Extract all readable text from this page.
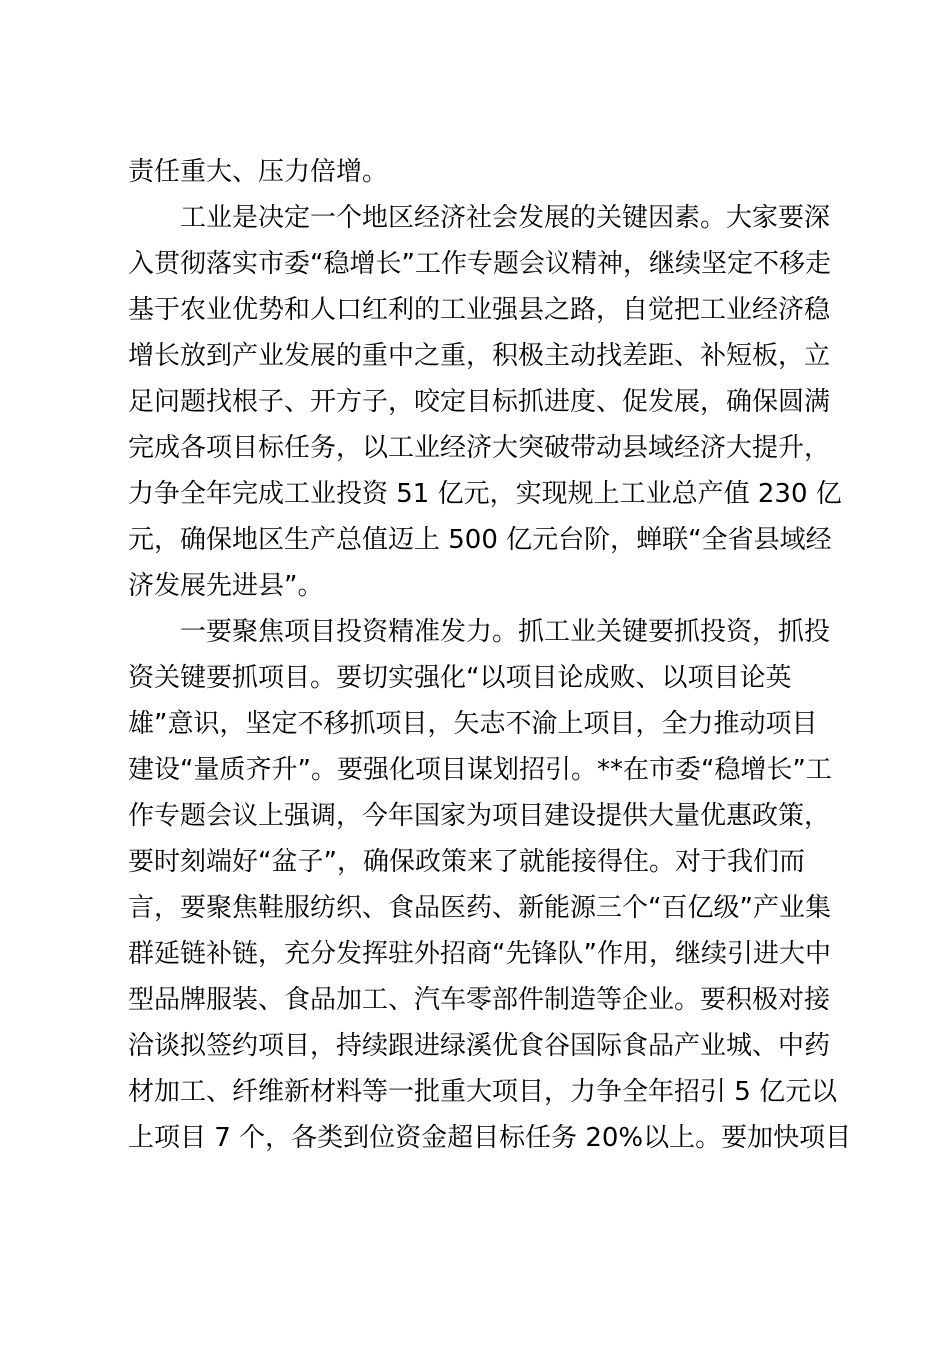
责任重大、压力倍增。
工业是决定一个地区经济社会发展的关键因素。大家要深
入贯彻落实市委“稳增长”工作专题会议精神，继续坚定不移走
基于农业优势和人口红利的工业强县之路，自觉把工业经济稳
增长放到产业发展的重中之重，积极主动找差距、补短板，立
足问题找根子、开方子，咬定目标抓进度、促发展，确保圆满
完成各项目标任务，以工业经济大突破带动县域经济大提升，
力争全年完成工业投资 51 亿元，实现规上工业总产值 230 亿
元，确保地区生产总值迈上 500 亿元台阶，蝉联“全省县域经
济发展先进县”。
一要聚焦项目投资精准发力。抓工业关键要抓投资，抓投
资关键要抓项目。要切实强化“以项目论成败、以项目论英
雄”意识，坚定不移抓项目，矢志不渝上项目，全力推动项目
建设“量质齐升”。要强化项目谋划招引。**在市委“稳增长”工
作专题会议上强调，今年国家为项目建设提供大量优惠政策，
要时刻端好“盆子”，确保政策来了就能接得住。对于我们而
言，要聚焦鞋服纺织、食品医药、新能源三个“百亿级”产业集
群延链补链，充分发挥驻外招商“先锋队”作用，继续引进大中
型品牌服装、食品加工、汽车零部件制造等企业。要积极对接
洽谈拟签约项目，持续跟进绿溪优食谷国际食品产业城、中药
材加工、纤维新材料等一批重大项目，力争全年招引 5 亿元以
上项目 7 个，各类到位资金超目标任务 20%以上。要加快项目
